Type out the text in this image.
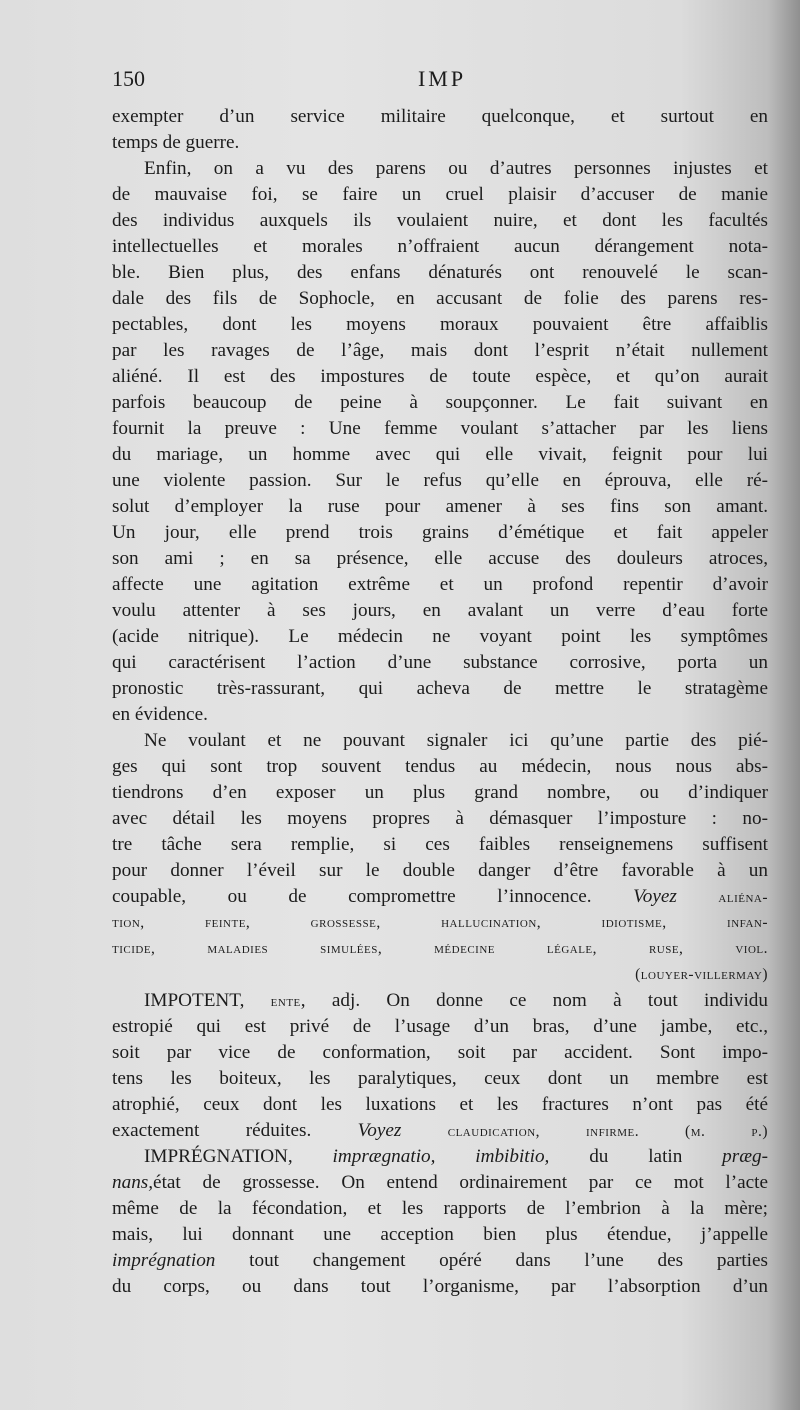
150	IMP
exempter d’un service militaire quelconque, et surtout en
temps de guerre.
Enfin, on a vu des parens ou d’autres personnes injustes et
de mauvaise foi, se faire un cruel plaisir d’accuser de manie
des individus auxquels ils voulaient nuire, et dont les facultés
intellectuelles et morales n’offraient aucun dérangement nota-
ble. Bien plus, des enfans dénaturés ont renouvelé le scan-
dale des fils de Sophocle, en accusant de folie des parens res-
pectables, dont les moyens moraux pouvaient être affaiblis
par les ravages de l’âge, mais dont l’esprit n’était nullement
aliéné. Il est des impostures de toute espèce, et qu’on aurait
parfois beaucoup de peine à soupçonner. Le fait suivant en
fournit la preuve : Une femme voulant s’attacher par les liens
du mariage, un homme avec qui elle vivait, feignit pour lui
une violente passion. Sur le refus qu’elle en éprouva, elle ré-
solut d’employer la ruse pour amener à ses fins son amant.
Un jour, elle prend trois grains d’émétique et fait appeler
son ami ; en sa présence, elle accuse des douleurs atroces,
affecte une agitation extrême et un profond repentir d’avoir
voulu attenter à ses jours, en avalant un verre d’eau forte
(acide nitrique). Le médecin ne voyant point les symptômes
qui caractérisent l’action d’une substance corrosive, porta un
pronostic très-rassurant, qui acheva de mettre le stratagème
en évidence.
Ne voulant et ne pouvant signaler ici qu’une partie des pié-
ges qui sont trop souvent tendus au médecin, nous nous abs-
tiendrons d’en exposer un plus grand nombre, ou d’indiquer
avec détail les moyens propres à démasquer l’imposture : no-
tre tâche sera remplie, si ces faibles renseignemens suffisent
pour donner l’éveil sur le double danger d’être favorable à un
coupable, ou de compromettre l’innocence. Voyez	aliéna-
tion, feinte, grossesse, hallucination, idiotisme, infan-
ticide, maladies simulées, médecine légale, ruse, viol.
(louyer-villermay)
IMPOTENT, ente, adj. On donne ce nom à tout individu
estropié qui est privé de l’usage d’un bras, d’une jambe, etc.,
soit par vice de conformation, soit par accident. Sont impo-
tens les boiteux, les paralytiques, ceux dont un membre est
atrophié, ceux dont les luxations et les fractures n’ont pas été
exactement réduites. Voyez	claudication, infirme. (m. p.)
IMPRÉGNATION, imprægnatio, imbibitio, du latin præg-
nans,état de grossesse. On entend ordinairement par ce mot l’acte
même de la fécondation, et les rapports de l’embrion à la mère;
mais, lui donnant une acception bien plus étendue, j’appelle
imprégnation tout changement opéré dans l’une des parties
du corps, ou dans tout l’organisme, par l’absorption d’un
